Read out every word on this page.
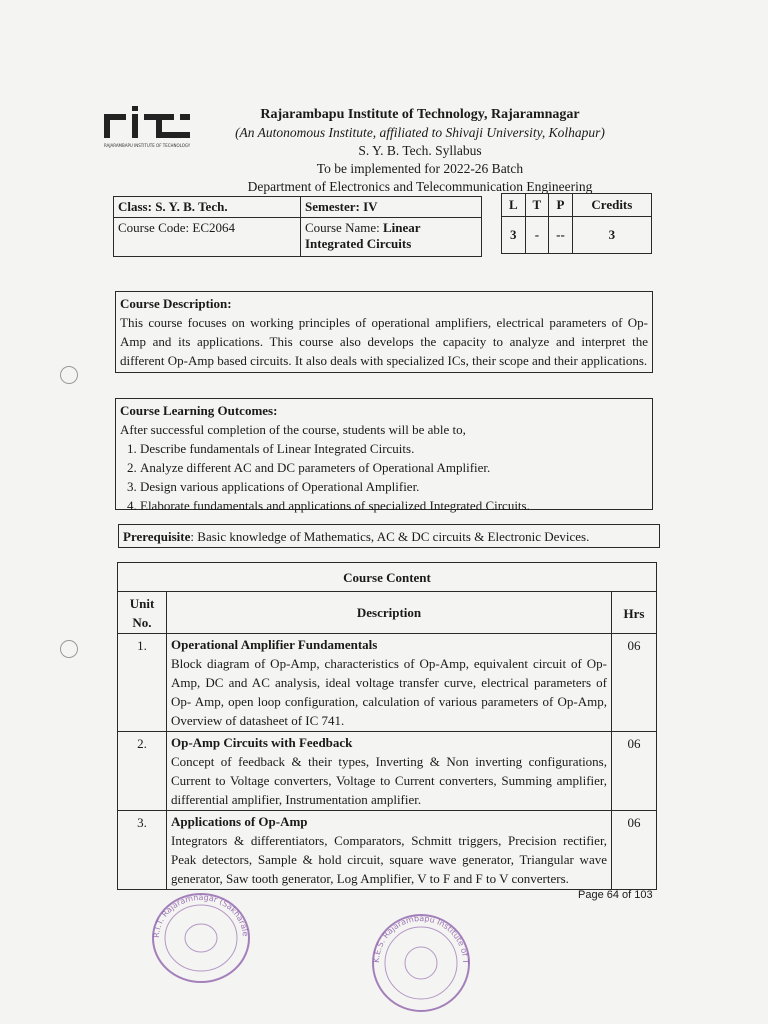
RAJARAMBAPU INSTITUTE OF TECHNOLOGY
Rajarambapu Institute of Technology, Rajaramnagar
(An Autonomous Institute, affiliated to Shivaji University, Kolhapur)
S. Y. B. Tech. Syllabus
To be implemented for 2022-26 Batch
Department of Electronics and Telecommunication Engineering
Class: S. Y. B. Tech.	Semester: IV
Course Code: EC2064	Course Name: Linear
Integrated Circuits
L	T	P	Credits
3	-	--	3
Course Description:
This course focuses on working principles of operational amplifiers, electrical parameters of Op-Amp and its applications. This course also develops the capacity to analyze and interpret the different Op-Amp based circuits. It also deals with specialized ICs, their scope and their applications.
Course Learning Outcomes:
After successful completion of the course, students will be able to,
1. Describe fundamentals of Linear Integrated Circuits.
2. Analyze different AC and DC parameters of Operational Amplifier.
3. Design various applications of Operational Amplifier.
4. Elaborate fundamentals and applications of specialized Integrated Circuits.
Prerequisite: Basic knowledge of Mathematics, AC & DC circuits & Electronic Devices.
Course Content		
Unit
No.	Description	Hrs
1.	Operational Amplifier Fundamentals
Block diagram of Op-Amp, characteristics of Op-Amp, equivalent circuit of Op-Amp, DC and AC analysis, ideal voltage transfer curve, electrical parameters of Op- Amp, open loop configuration, calculation of various parameters of Op-Amp, Overview of datasheet of IC 741.	06
2.	Op-Amp Circuits with Feedback
Concept of feedback & their types, Inverting & Non inverting configurations, Current to Voltage converters, Voltage to Current converters, Summing amplifier, differential amplifier, Instrumentation amplifier.	06
3.	Applications of Op-Amp
Integrators & differentiators, Comparators, Schmitt triggers, Precision rectifier, Peak detectors, Sample & hold circuit, square wave generator, Triangular wave generator, Saw tooth generator, Log Amplifier, V to F and F to V converters.	06
Page 64 of 103
R.I.T. Rajaramnagar (Sakharale
K.E.S. Rajarambapu Institute of T
